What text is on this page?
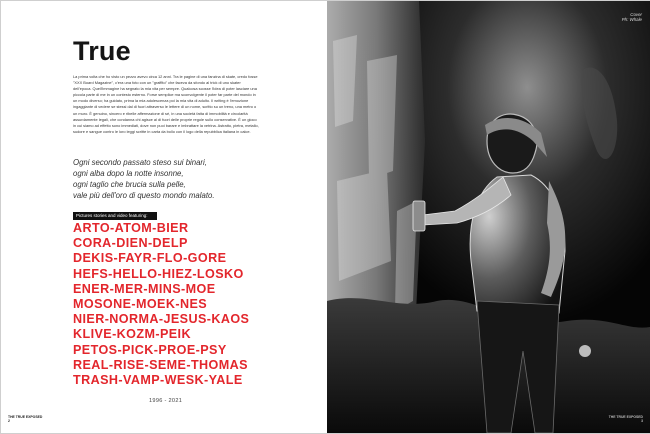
True

La prima volta che ho visto un pezzo avevo circa 12 anni. Tra le pagine di una fanzina di skate, credo fosse "XXX Board Magazine", c'era una foto con un "graffito" che faceva da sfondo al trick di uno skater dell'epoca. Quell'immagine ha segnato la mia vita per sempre. Qualcosa scosse l'idea di poter lasciare una piccola parte di me in un contesto esterno. Forse semplice ma sconvolgente il poter far parte del mondo in un modo diverso; ha guidato, prima la mia adolescenza poi la mia vita di adulto. Il writing è l'emozione ingaggiante di vedere se stessi dal di fuori attraverso le lettere di un nome, scritto su un treno, una metro o un muro. È genuino, sincero e ribelle affermazione di sé, in una società fatta di immobilità e circolarità assurdamente legali, che condanna chi agisce al di fuori delle proprie regole sullo conservative. È un gioco in cui siamo ad effetto sono immediati, dove non puoi barare e imbrattare la vetrina. Astratto, pietra, metallo, sudore e sangue contro le loro leggi scritte in carta da bollo con il logo della repubblica italiana in calce.

Ogni secondo passato steso sui binari,
ogni alba dopo la notte insonne,
ogni taglio che brucia sulla pelle,
vale più dell'oro di questo mondo malato.
Pictures stories and video featuring:
ARTO-ATOM-BIER
CORA-DIEN-DELP
DEKIS-FAYR-FLO-GORE
HEFS-HELLO-HIEZ-LOSKO
ENER-MER-MINS-MOE
MOSONE-MOEK-NES
NIER-NORMA-JESUS-KAOS
KLIVE-KOZM-PEIK
PETOS-PICK-PROE-PSY
REAL-RISE-SEME-THOMAS
TRASH-VAMP-WESK-YALE
1996 - 2021
THE TRUE EXPOSED
2
Cover
Ph: Whale
THE TRUE EXPOSED
3
